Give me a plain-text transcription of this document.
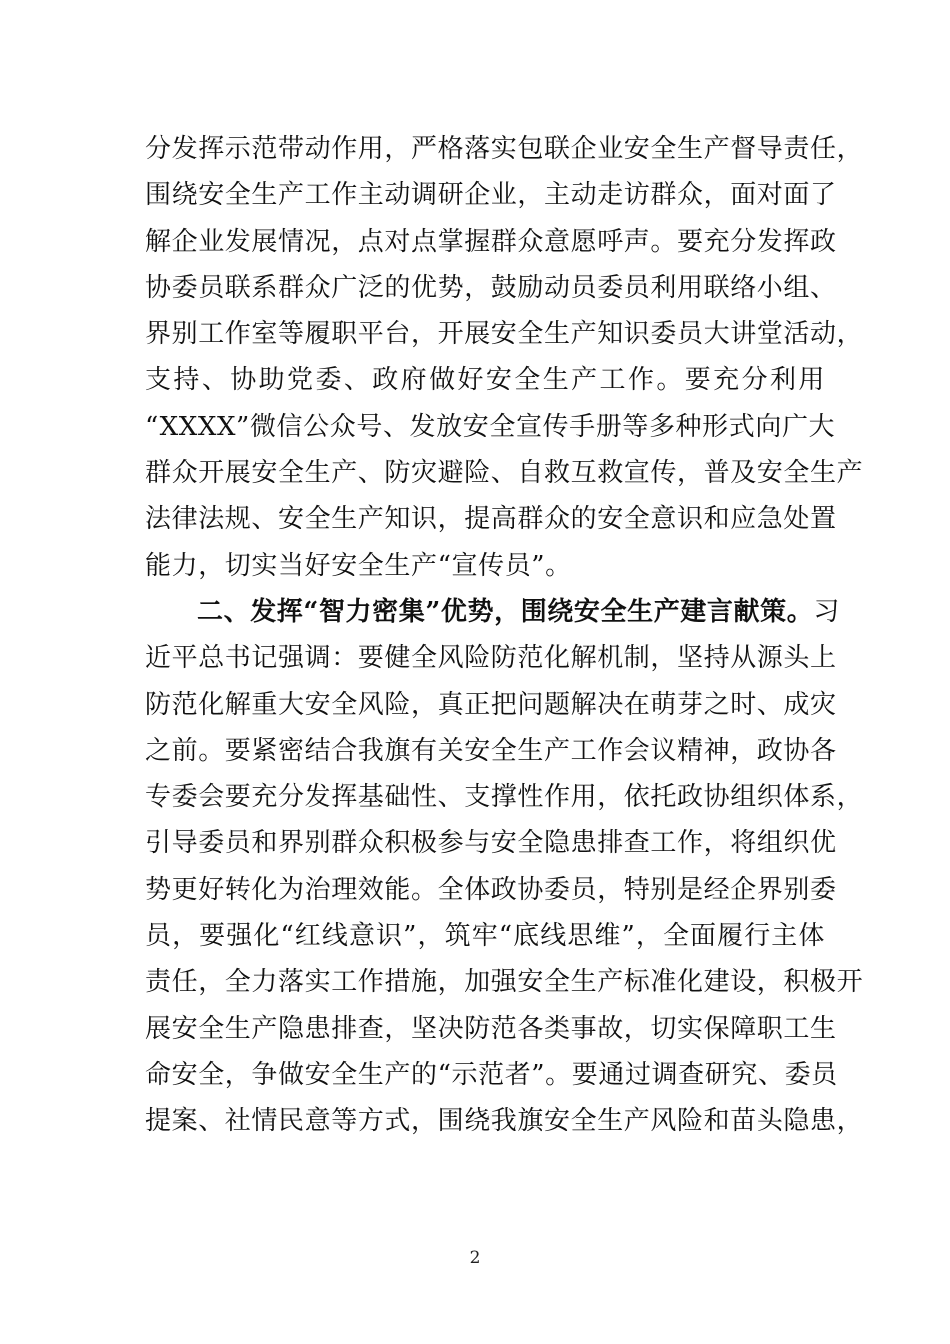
分发挥示范带动作用，严格落实包联企业安全生产督导责任，
围绕安全生产工作主动调研企业，主动走访群众，面对面了
解企业发展情况，点对点掌握群众意愿呼声。要充分发挥政
协委员联系群众广泛的优势，鼓励动员委员利用联络小组、
界别工作室等履职平台，开展安全生产知识委员大讲堂活动，
支持、协助党委、政府做好安全生产工作。要充分利用
“XXXX”微信公众号、发放安全宣传手册等多种形式向广大
群众开展安全生产、防灾避险、自救互救宣传，普及安全生产
法律法规、安全生产知识，提高群众的安全意识和应急处置
能力，切实当好安全生产“宣传员”。
二、发挥“智力密集”优势，围绕安全生产建言献策。习
近平总书记强调：要健全风险防范化解机制，坚持从源头上
防范化解重大安全风险，真正把问题解决在萌芽之时、成灾
之前。要紧密结合我旗有关安全生产工作会议精神，政协各
专委会要充分发挥基础性、支撑性作用，依托政协组织体系，
引导委员和界别群众积极参与安全隐患排查工作，将组织优
势更好转化为治理效能。全体政协委员，特别是经企界别委
员，要强化“红线意识”，筑牢“底线思维”，全面履行主体
责任，全力落实工作措施，加强安全生产标准化建设，积极开
展安全生产隐患排查，坚决防范各类事故，切实保障职工生
命安全，争做安全生产的“示范者”。要通过调查研究、委员
提案、社情民意等方式，围绕我旗安全生产风险和苗头隐患，
2
